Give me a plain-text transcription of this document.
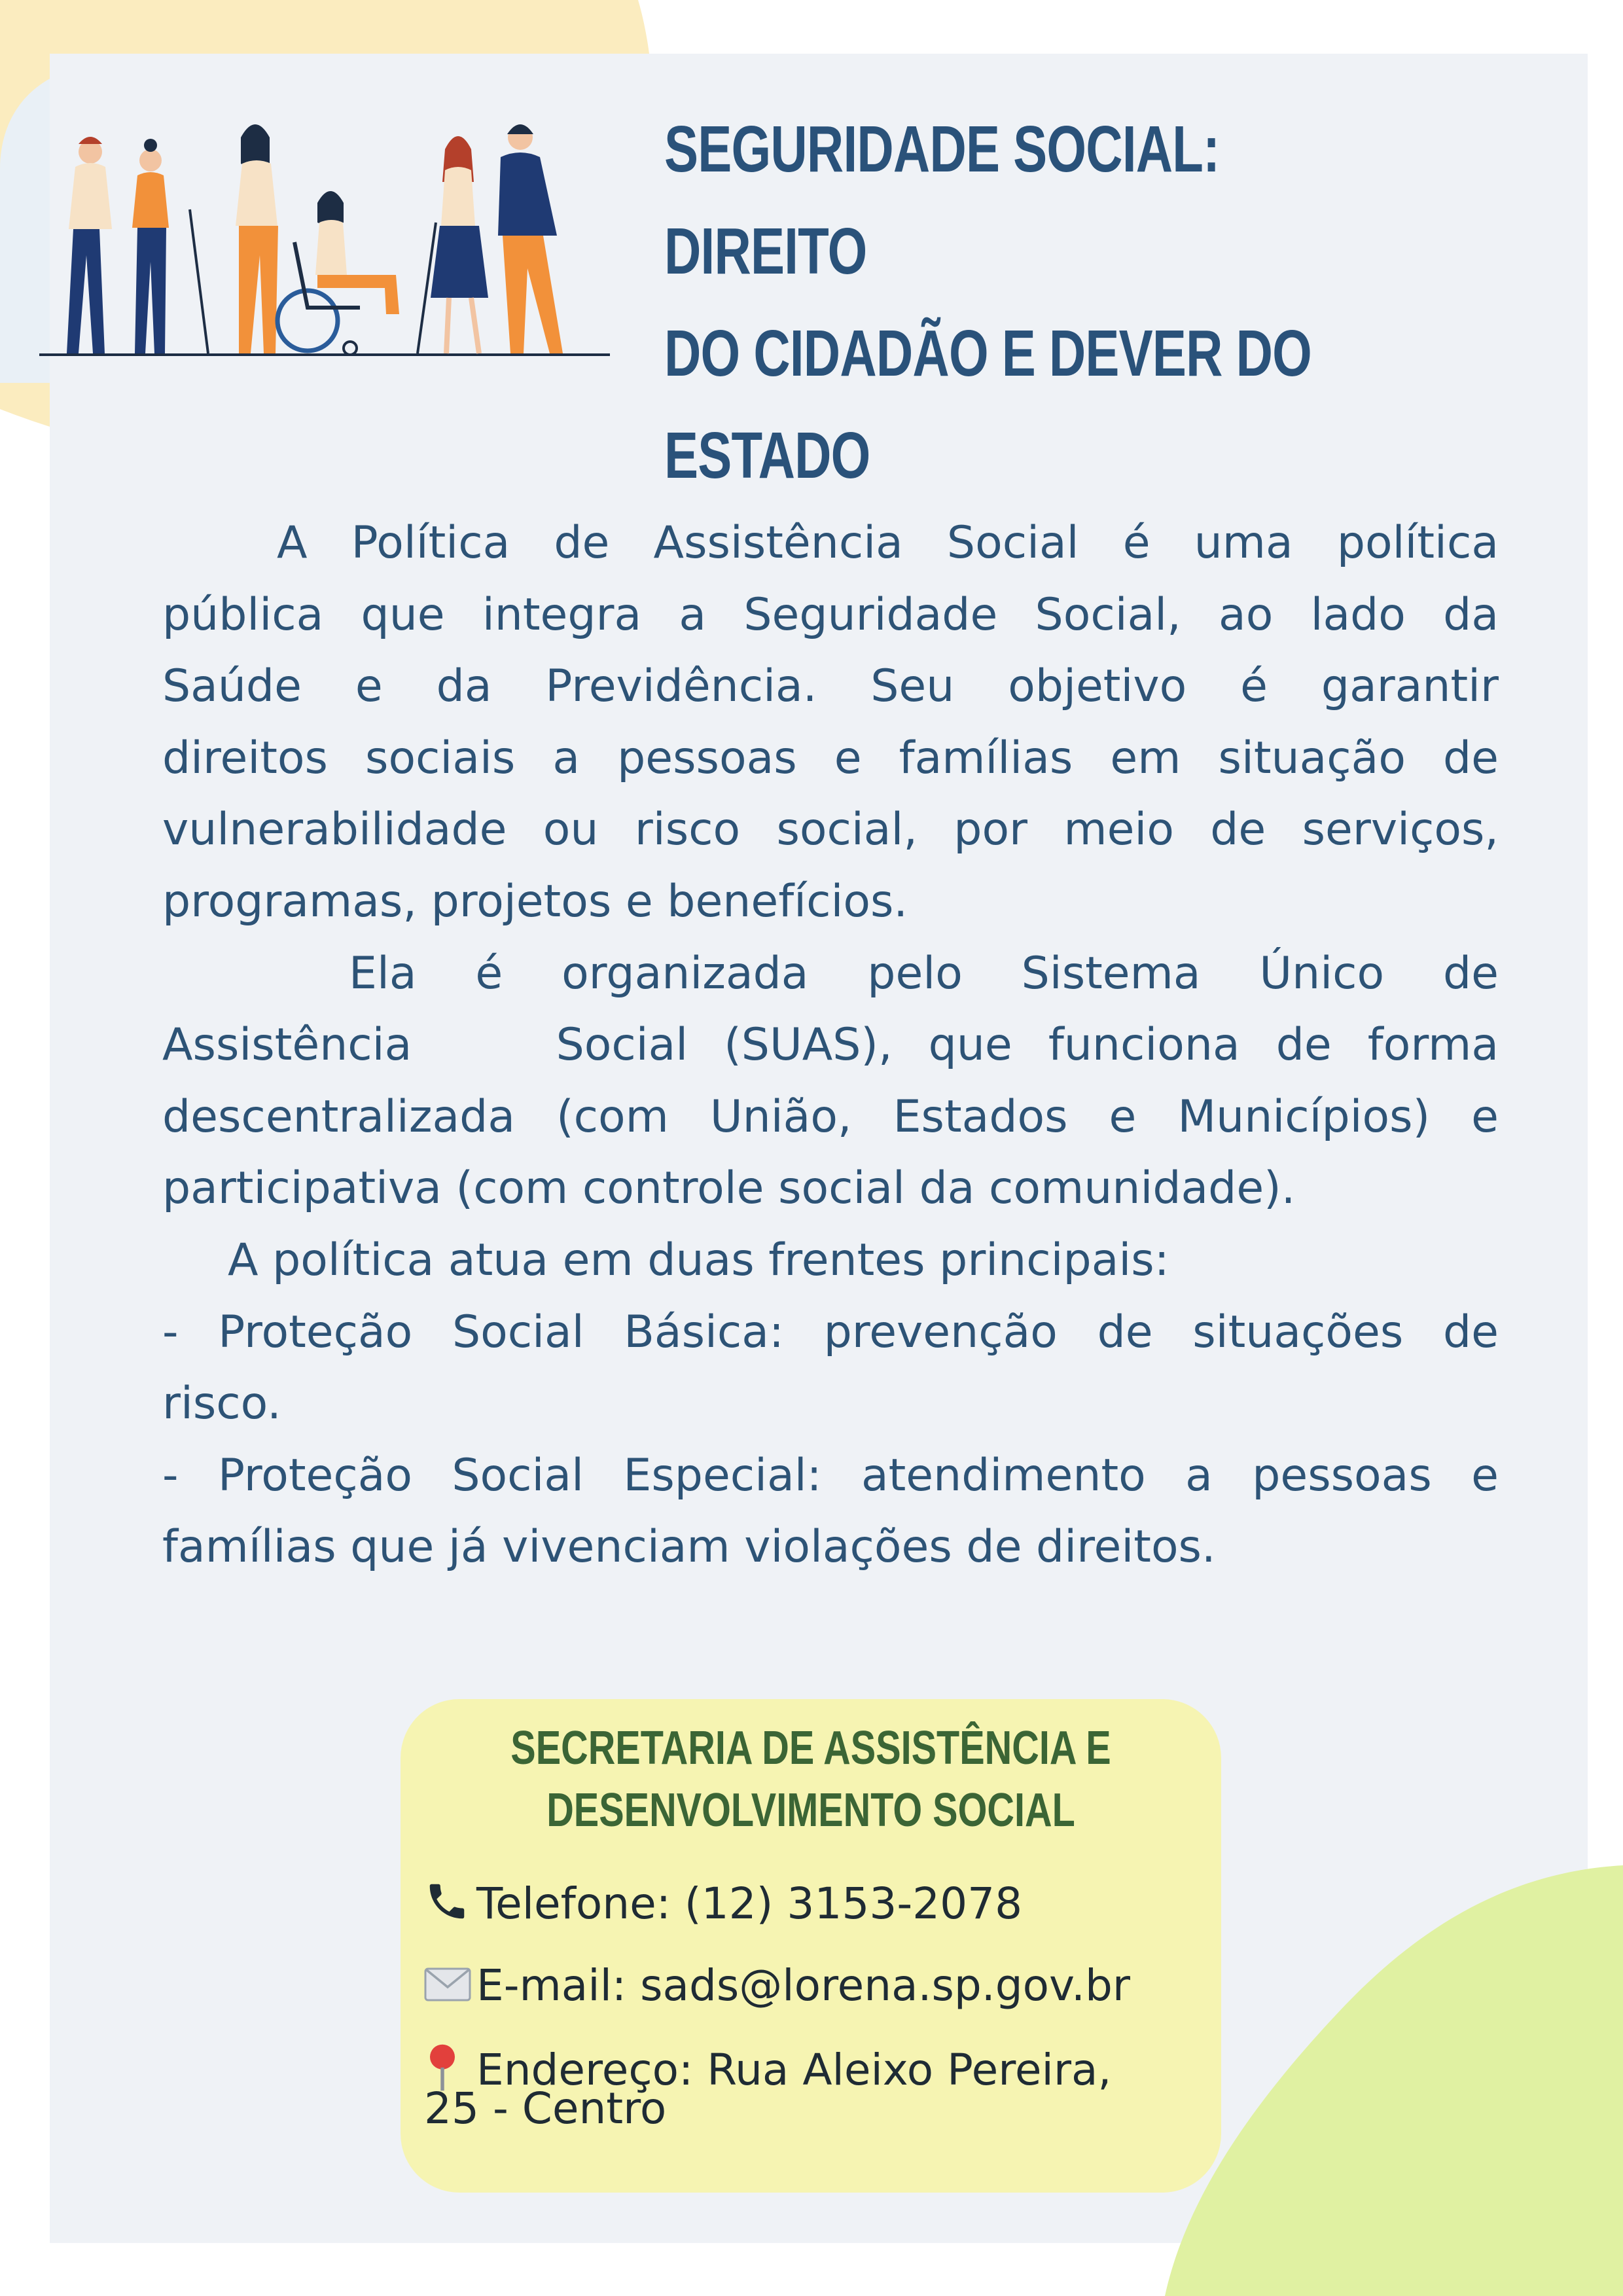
SEGURIDADE SOCIAL: DIREITO
DO CIDADÃO E DEVER DO
ESTADO

A Política de Assistência Social é uma política

pública que integra a Seguridade Social, ao lado da

Saúde e da Previdência. Seu objetivo é garantir

direitos sociais a pessoas e famílias em situação de

vulnerabilidade ou risco social, por meio de serviços,

programas, projetos e benefícios.

Ela é organizada pelo Sistema Único de

Assistência    Social (SUAS), que funciona de forma

descentralizada (com União, Estados e Municípios) e

participativa (com controle social da comunidade).

A política atua em duas frentes principais:

- Proteção Social Básica: prevenção de situações de

risco.

- Proteção Social Especial: atendimento a pessoas e

famílias que já vivenciam violações de direitos.

SECRETARIA DE ASSISTÊNCIA E
DESENVOLVIMENTO SOCIAL
Telefone: (12) 3153-2078
E-mail: sads@lorena.sp.gov.br
Endereço: Rua Aleixo Pereira,
25 - Centro
